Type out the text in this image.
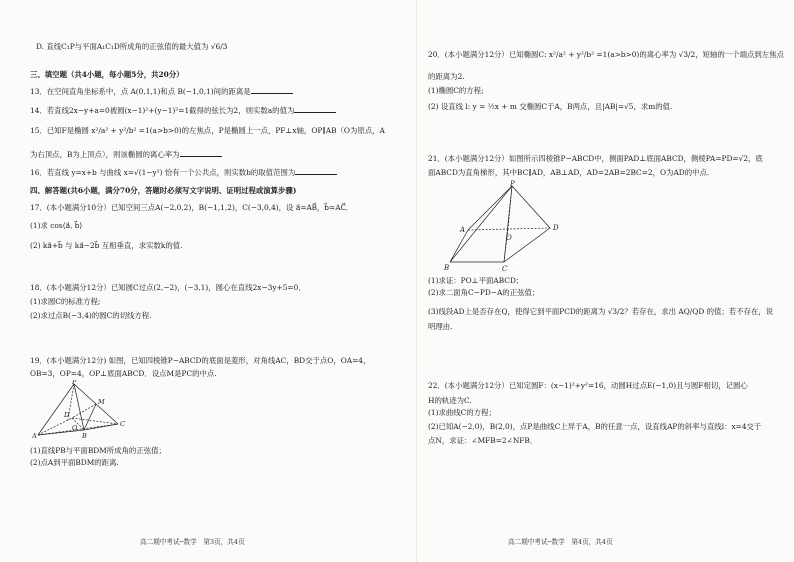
D. 直线C₁P与平面A₁C₁D所成角的正弦值的最大值为 √6/3
三、填空题（共4小题，每小题5分，共20分）
13．在空间直角坐标系中，点 A(0,1,1)和点 B(−1,0,1)间的距离是
14．若直线2x−y+a=0被圆(x−1)²+(y−1)²=1截得的弦长为2，则实数a的值为
15．已知F是椭圆 x²/a² + y²/b² =1(a>b>0)的左焦点，P是椭圆上一点，PF⊥x轴，OP∥AB（O为原点，A
为右顶点，B为上顶点），则该椭圆的离心率为
16．若直线 y=x+b 与曲线 x=√(1−y²) 恰有一个公共点，则实数b的取值范围为
四、解答题(共6小题，满分70分，答题时必须写文字说明、证明过程或演算步骤)
17．(本小题满分10分）已知空间三点A(−2,0,2)，B(−1,1,2)，C(−3,0,4)，设 a⃗=AB⃗，b⃗=AC⃗．
(1)求 cos⟨a⃗, b⃗⟩
(2) ka⃗+b⃗ 与 ka⃗−2b⃗ 互相垂直，求实数k的值.
18．(本小题满分12分）已知圆C过点(2,−2)，(−3,1)，圆心在直线2x−3y+5=0．
(1)求圆C的标准方程;
(2)求过点B(−3,4)的圆C的切线方程.
19．(本小题满分12分) 如图，已知四棱锥P−ABCD的底面是菱形，对角线AC，BD交于点O，OA=4，
OB=3，OP=4，OP⊥底面ABCD．设点M是PC的中点.
P
A	B
C
D
M
O
(1)直线PB与平面BDM所成角的正弦值；
(2)点A到平面BDM的距离.
高二期中考试─数学　第3页，共4页
20．(本小题满分12分）已知椭圆C: x²/a² + y²/b² =1(a>b>0)的离心率为 √3/2，短轴的一个端点到左焦点
的距离为2.
(1)椭圆C的方程;
(2) 设直线 l: y = ½x + m 交椭圆C于A，B两点，且|AB|=√5，求m的值.
21．(本小题满分12分）如图所示四棱锥P−ABCD中，侧面PAD⊥底面ABCD，侧棱PA=PD=√2，底
面ABCD为直角梯形，其中BC∥AD，AB⊥AD，AD=2AB=2BC=2，O为AD的中点.
P
A
B	C
D
O
(1)求证：PO⊥平面ABCD；
(2)求二面角C−PD−A的正弦值；
(3)线段AD上是否存在Q，使得它到平面PCD的距离为 √3/2？若存在，求出 AQ/QD 的值；若不存在，说
明理由.
22．(本小题满分12分）已知定圆F：(x−1)²+y²=16，动圆H过点E(−1,0)且与圆F相切，记圆心
H的轨迹为C.
(1)求曲线C的方程；
(2)已知A(−2,0)，B(2,0)，点P是曲线C上异于A，B的任意一点，设直线AP的斜率与直线l：x=4交于
点N，求证：∠MFB=2∠NFB．
高二期中考试─数学　第4页，共4页
